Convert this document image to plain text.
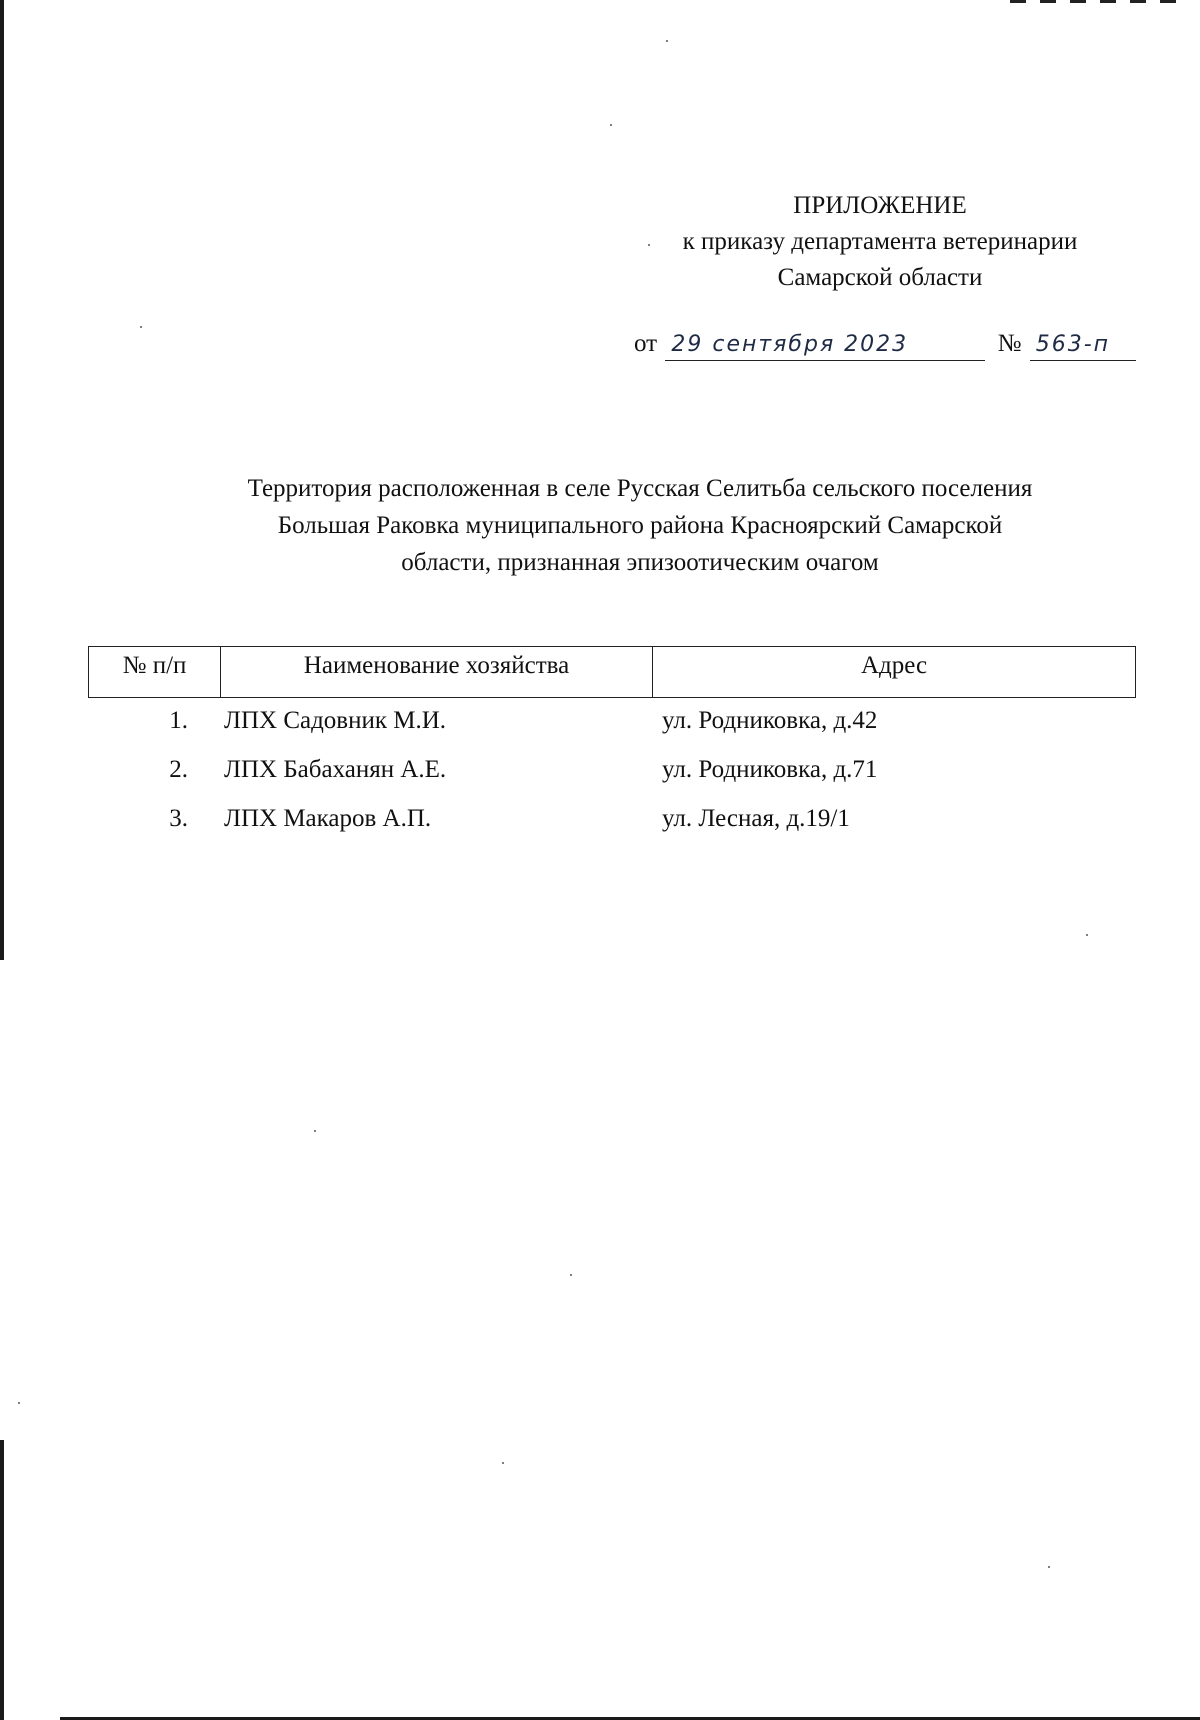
ПРИЛОЖЕНИЕ
к приказу департамента ветеринарии
Самарской области
от 29 сентября 2023	№ 563-п
Территория расположенная в селе Русская Селитьба сельского поселения
Большая Раковка муниципального района Красноярский Самарской
области, признанная эпизоотическим очагом
№ п/п	Наименование хозяйства	Адрес
1.	ЛПХ Садовник М.И.	ул. Родниковка, д.42
2.	ЛПХ Бабаханян А.Е.	ул. Родниковка, д.71
3.	ЛПХ Макаров А.П.	ул. Лесная, д.19/1
